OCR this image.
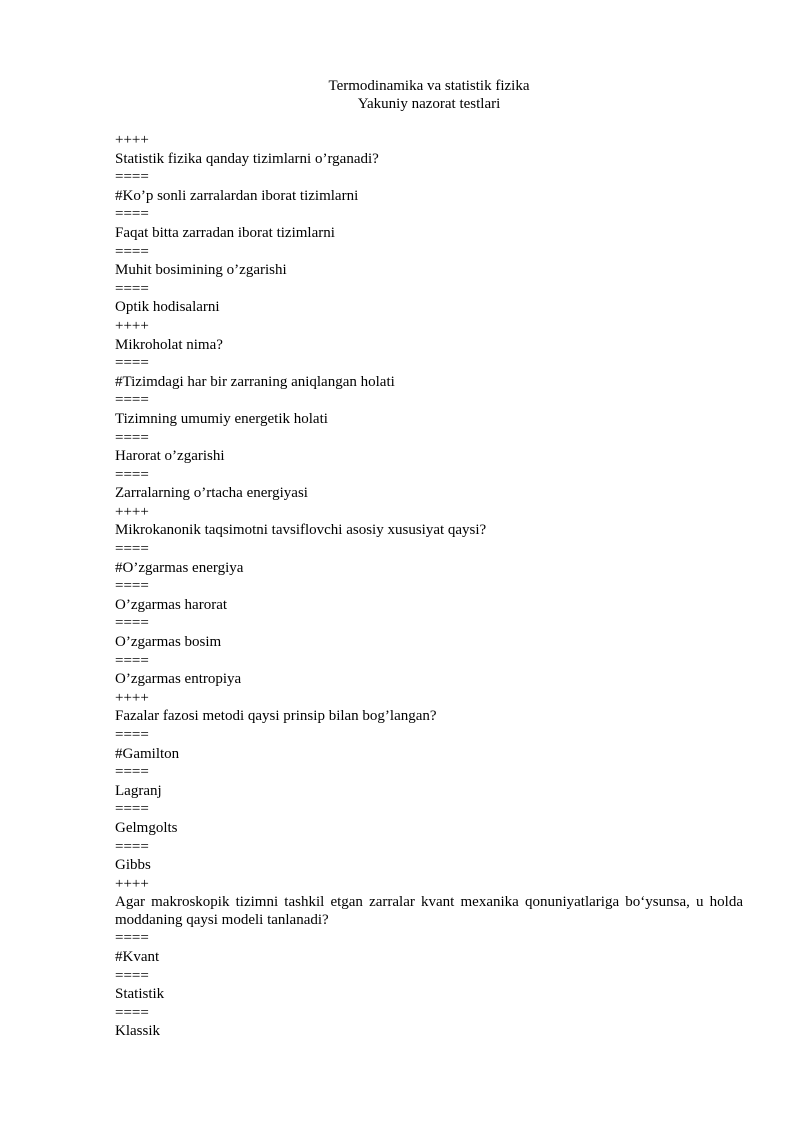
Termodinamika va statistik fizika
Yakuniy nazorat testlari
++++
Statistik fizika qanday tizimlarni o’rganadi?
====
#Ko’p sonli zarralardan iborat tizimlarni
====
Faqat bitta zarradan iborat tizimlarni
====
Muhit bosimining o’zgarishi
====
Optik hodisalarni
++++
Mikroholat nima?
====
#Tizimdagi har bir zarraning aniqlangan holati
====
Tizimning umumiy energetik holati
====
Harorat o’zgarishi
====
Zarralarning o’rtacha energiyasi
++++
Mikrokanonik taqsimotni tavsiflovchi asosiy xususiyat qaysi?
====
#O’zgarmas energiya
====
O’zgarmas harorat
====
O’zgarmas bosim
====
O’zgarmas entropiya
++++
Fazalar fazosi metodi qaysi prinsip bilan bog’langan?
====
#Gamilton
====
Lagranj
====
Gelmgolts
====
Gibbs
++++
Agar makroskopik tizimni tashkil etgan zarralar kvant mexanika qonuniyatlariga bo‘ysunsa, u holda moddaning qaysi modeli tanlanadi?
====
#Kvant
====
Statistik
====
Klassik
